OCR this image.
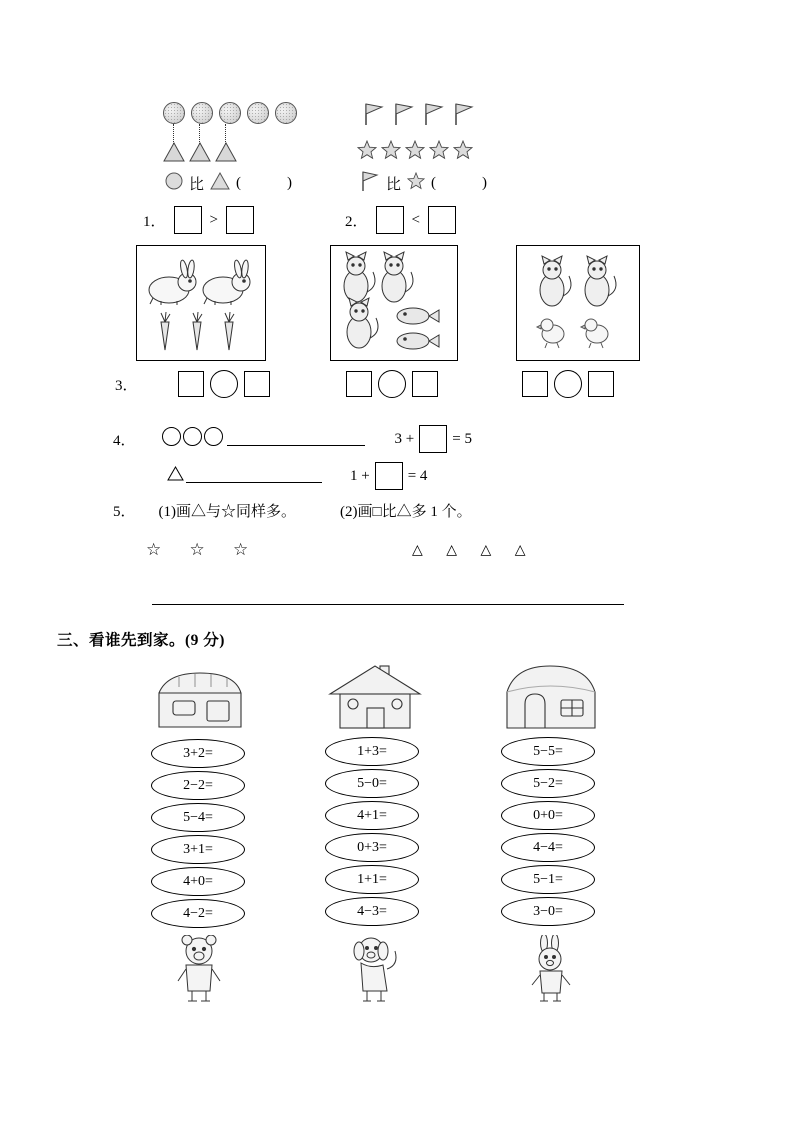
比 (	)
1．	>
比 (	)
2．	<
3．
4．	3 +	= 5
1 +	= 4
5． (1)画△与☆同样多。	(2)画□比△多 1 个。
☆ ☆ ☆	△ △ △ △
三、看谁先到家。(9 分)
3+2=
2−2=
5−4=
3+1=
4+0=
4−2=
1+3=
5−0=
4+1=
0+3=
1+1=
4−3=
5−5=
5−2=
0+0=
4−4=
5−1=
3−0=
